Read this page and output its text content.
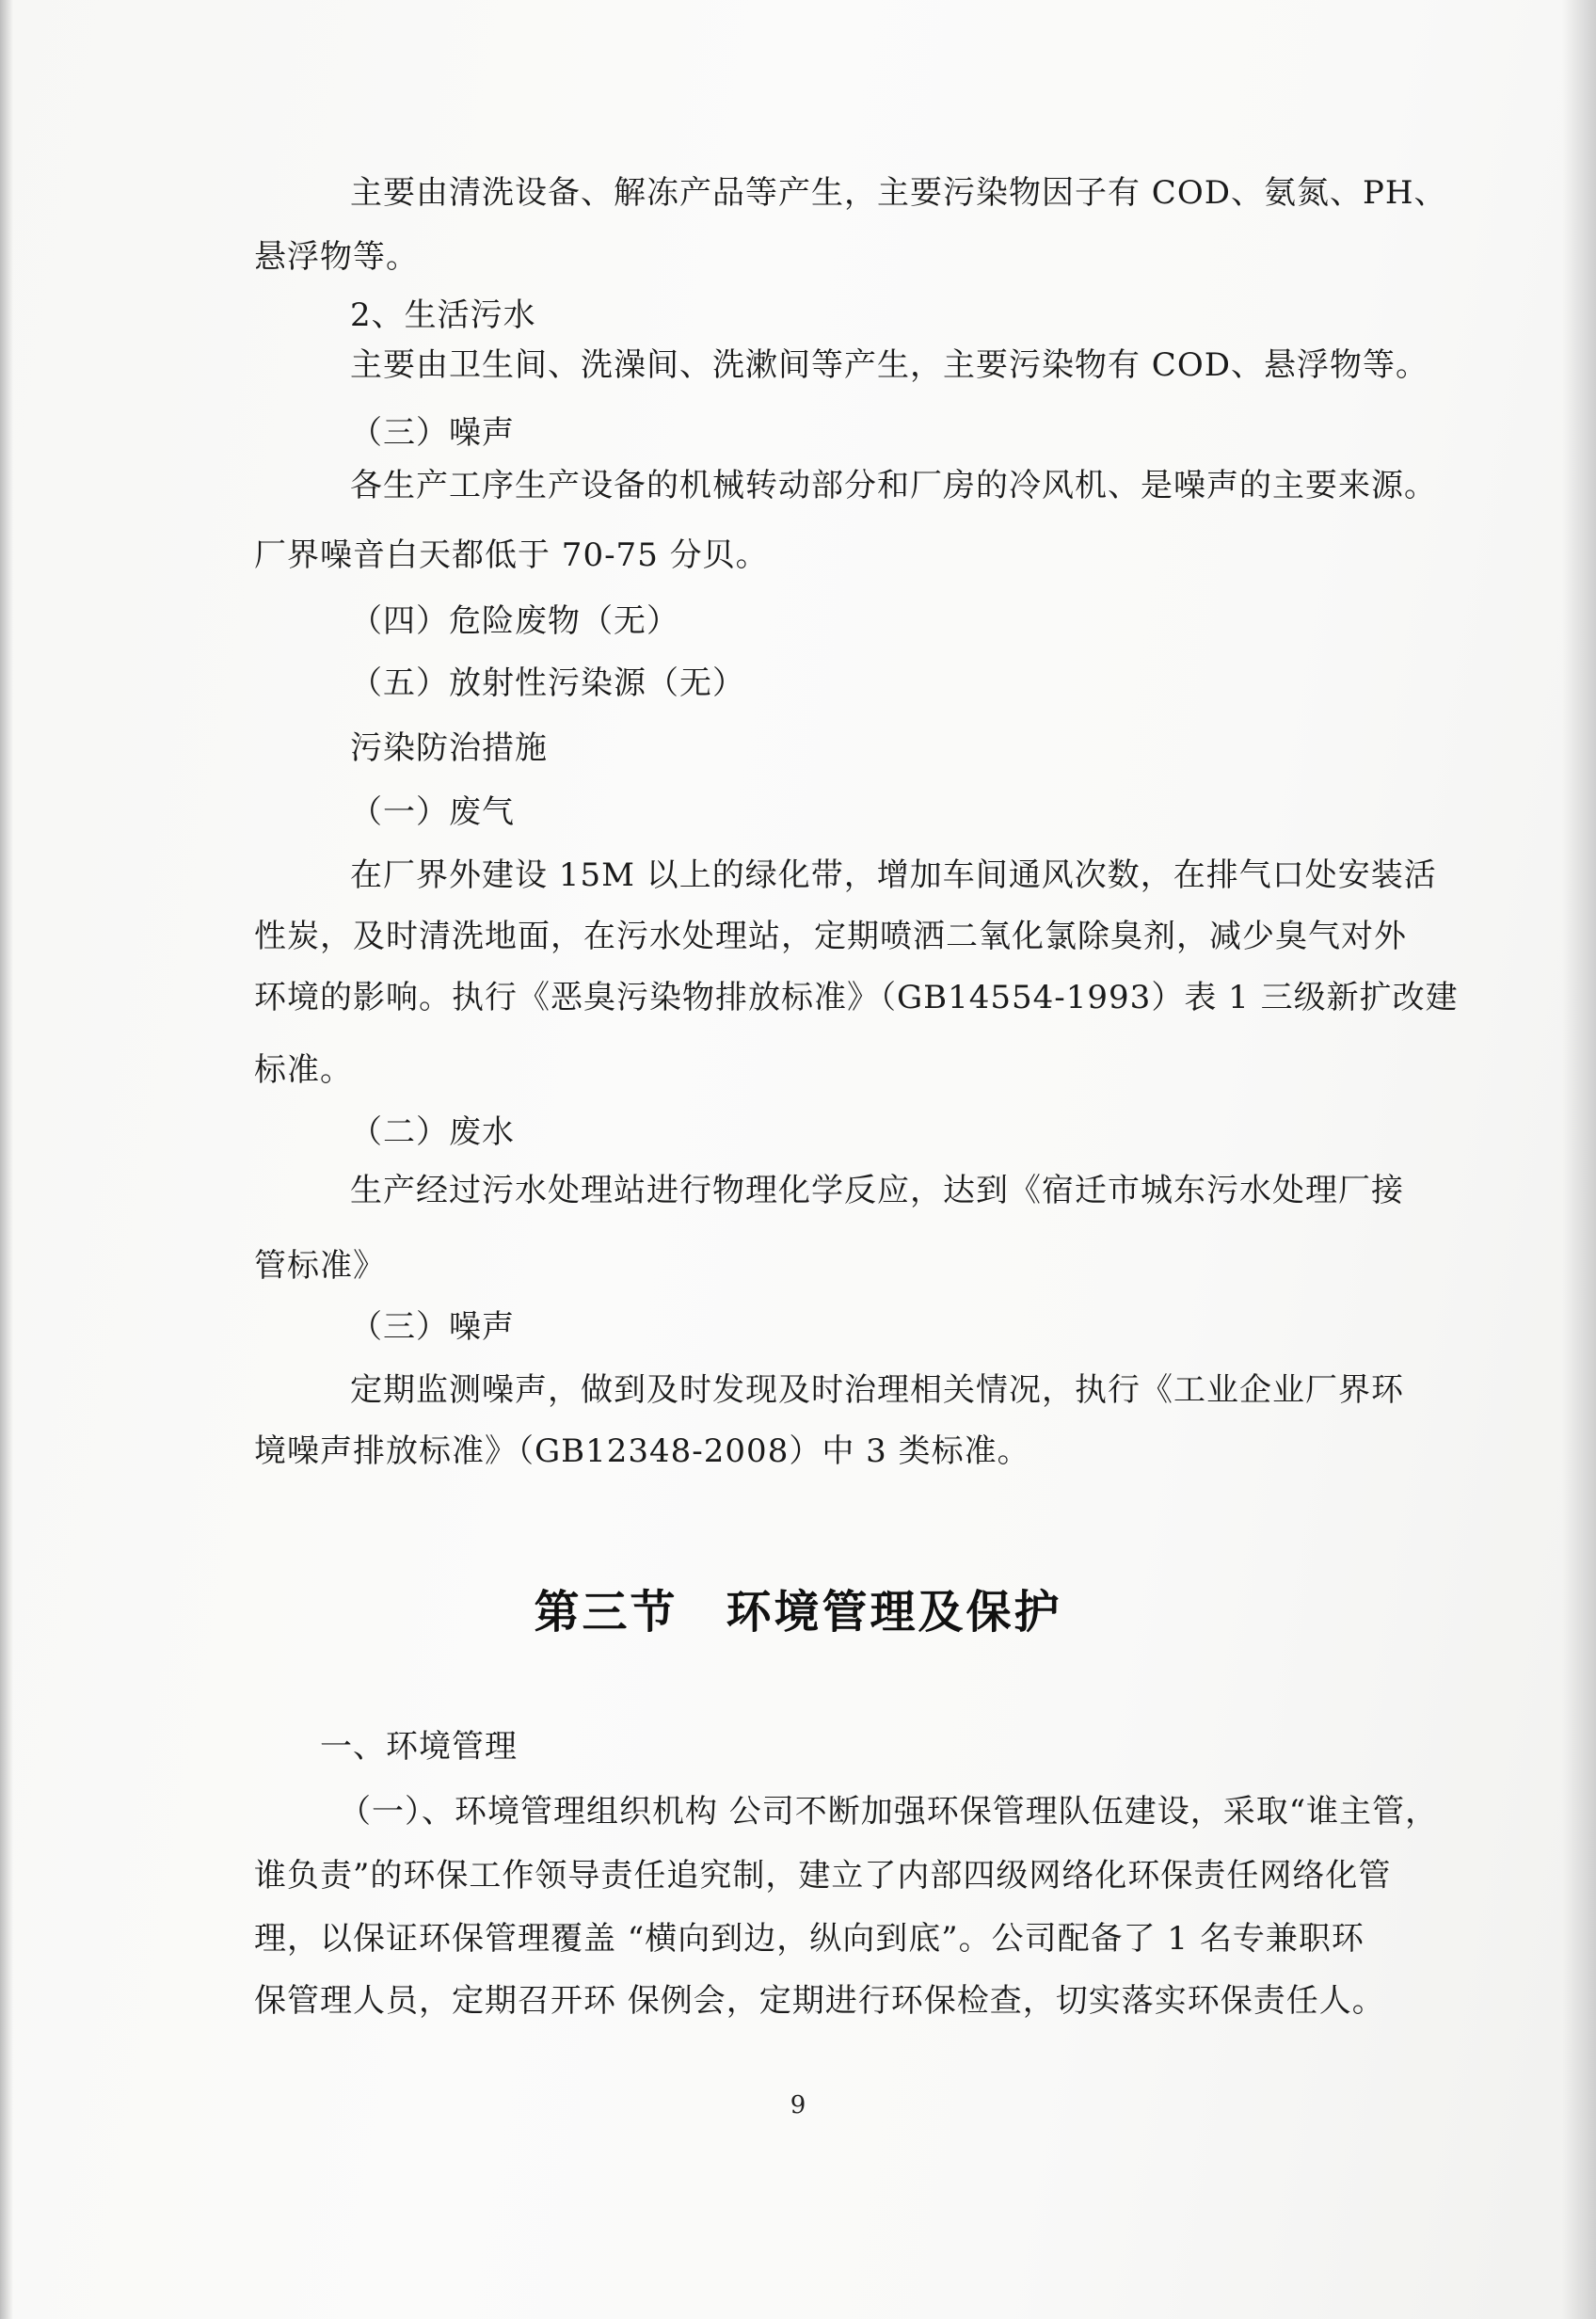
主要由清洗设备、解冻产品等产生，主要污染物因子有 COD、氨氮、PH、
悬浮物等。
2、生活污水
主要由卫生间、洗澡间、洗漱间等产生，主要污染物有 COD、悬浮物等。
（三）噪声
各生产工序生产设备的机械转动部分和厂房的冷风机、是噪声的主要来源。
厂界噪音白天都低于 70-75 分贝。
（四）危险废物（无）
（五）放射性污染源（无）
污染防治措施
（一）废气
在厂界外建设 15M 以上的绿化带，增加车间通风次数，在排气口处安装活
性炭，及时清洗地面，在污水处理站，定期喷洒二氧化氯除臭剂，减少臭气对外
环境的影响。执行《恶臭污染物排放标准》（GB14554-1993）表 1 三级新扩改建
标准。
（二）废水
生产经过污水处理站进行物理化学反应，达到《宿迁市城东污水处理厂接
管标准》
（三）噪声
定期监测噪声，做到及时发现及时治理相关情况，执行《工业企业厂界环
境噪声排放标准》（GB12348-2008）中 3 类标准。
第三节　环境管理及保护
一、环境管理
（一）、环境管理组织机构 公司不断加强环保管理队伍建设，采取“谁主管，
谁负责”的环保工作领导责任追究制，建立了内部四级网络化环保责任网络化管
理，以保证环保管理覆盖 “横向到边，纵向到底”。公司配备了 1 名专兼职环
保管理人员，定期召开环 保例会，定期进行环保检查，切实落实环保责任人。
9
